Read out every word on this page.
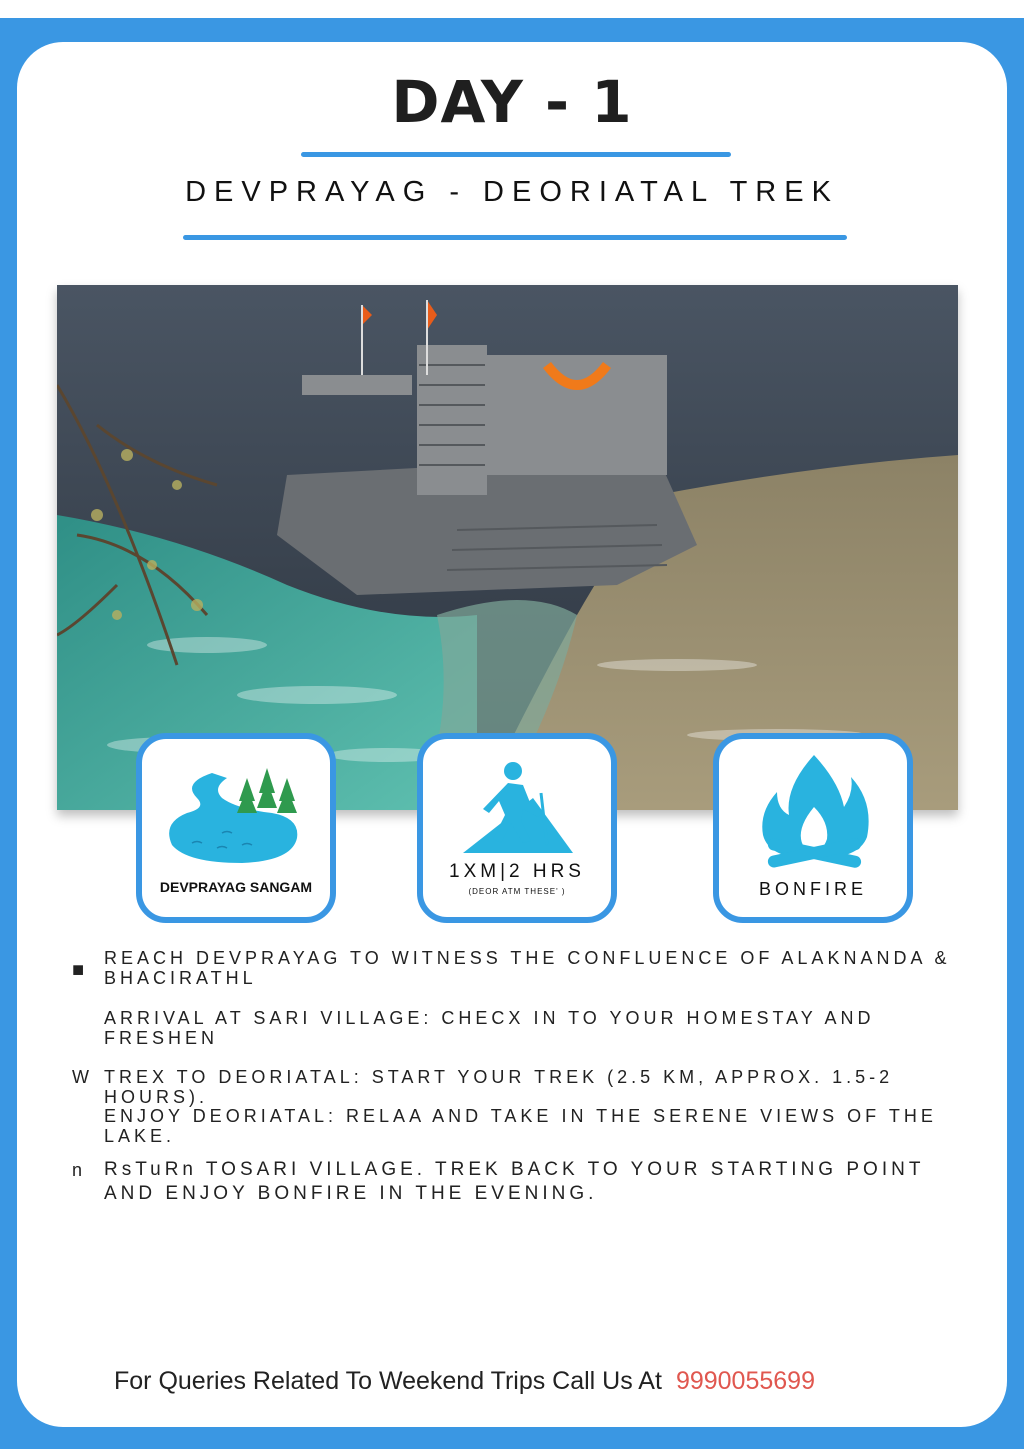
DAY - 1
DEVPRAYAG - DEORIATAL TREK
DEVPRAYAG SANGAM
1XM|2 HRS
(DEOR ATM THESE' )	BONFIRE
■
REACH DEVPRAYAG TO WITNESS THE CONFLUENCE OF ALAKNANDA & BHACIRATHL
ARRIVAL AT SARI VILLAGE: CHECX IN TO YOUR HOMESTAY AND FRESHEN
W TREX TO DEORIATAL: START YOUR TREK (2.5 KM, APPROX. 1.5-2 HOURS).
ENJOY DEORIATAL: RELAA AND TAKE IN THE SERENE VIEWS OF THE LAKE.
n	RsTuRn TOSARI VILLAGE. TREK BACK TO YOUR STARTING POINT AND ENJOY BONFIRE IN THE EVENING.
For Queries Related To Weekend Trips Call Us At 9990055699
